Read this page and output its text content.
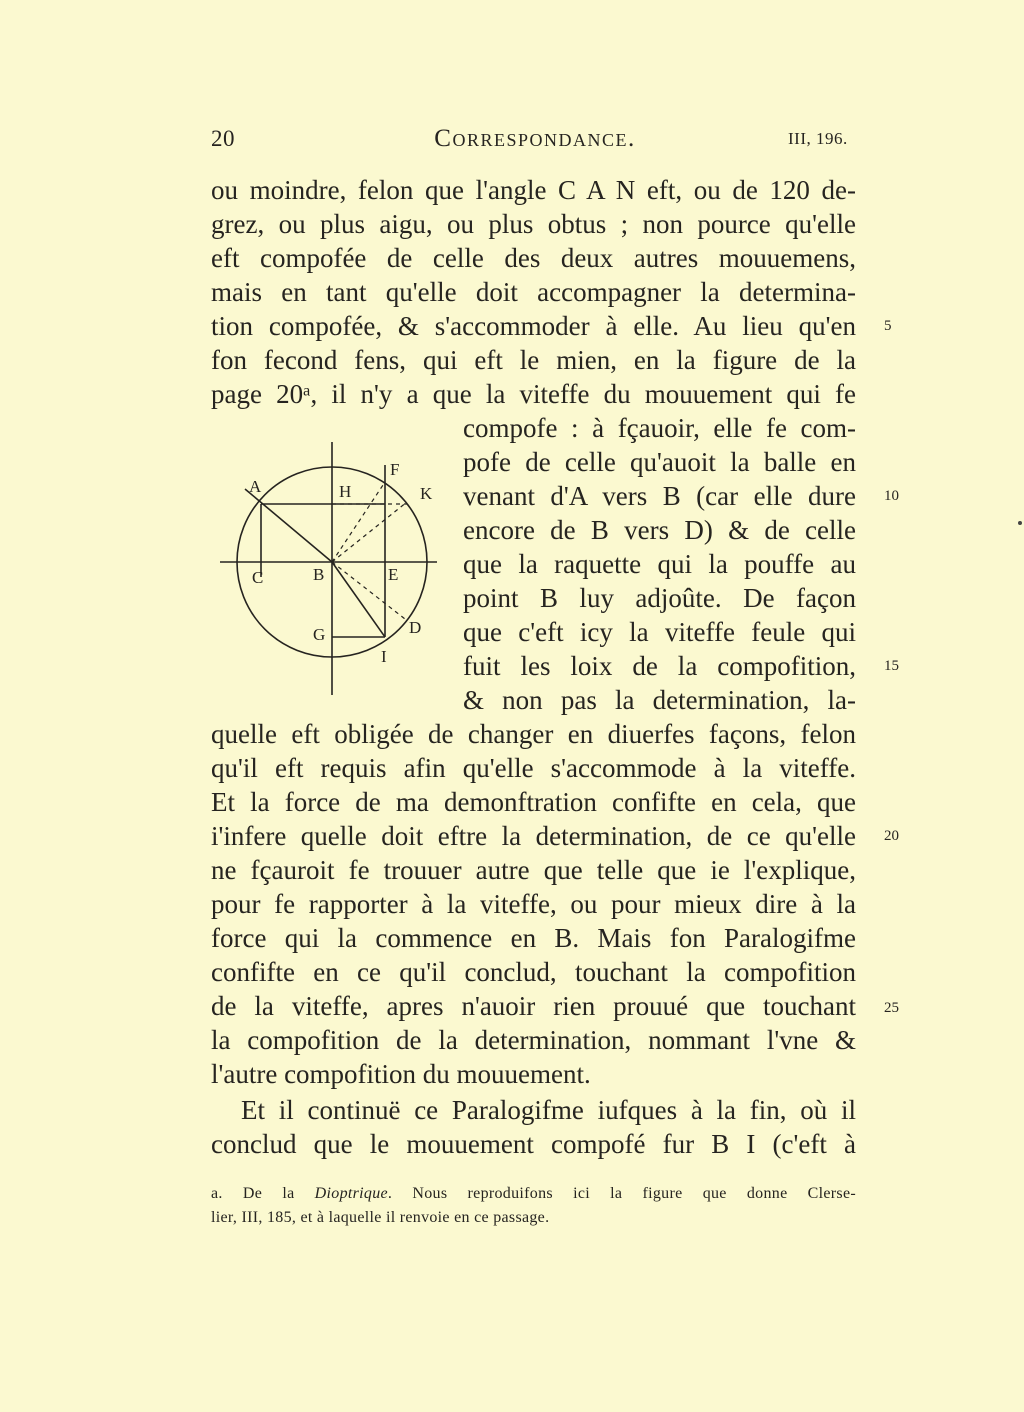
20	Correspondance.	III, 196.
ou moindre, felon que l'angle C A N eft, ou de 120 de-
grez, ou plus aigu, ou plus obtus ; non pource qu'elle
eft compofée de celle des deux autres mouuemens,
mais en tant qu'elle doit accompagner la determina-
tion compofée, & s'accommoder à elle. Au lieu qu'en
fon fecond fens, qui eft le mien, en la figure de la
page 20ᵃ, il n'y a que la viteffe du mouuement qui fe
compofe : à fçauoir, elle fe com-
pofe de celle qu'auoit la balle en
venant d'A vers B (car elle dure
encore de B vers D) & de celle
que la raquette qui la pouffe au
point B luy adjoûte. De façon
que c'eft icy la viteffe feule qui
fuit les loix de la compofition,
& non pas la determination, la-
quelle eft obligée de changer en diuerfes façons, felon
qu'il eft requis afin qu'elle s'accommode à la viteffe.
Et la force de ma demonftration confifte en cela, que
i'infere quelle doit eftre la determination, de ce qu'elle
ne fçauroit fe trouuer autre que telle que ie l'explique,
pour fe rapporter à la viteffe, ou pour mieux dire à la
force qui la commence en B. Mais fon Paralogifme
confifte en ce qu'il conclud, touchant la compofition
de la viteffe, apres n'auoir rien prouué que touchant
la compofition de la determination, nommant l'vne &
l'autre compofition du mouuement.
Et il continuë ce Paralogifme iufques à la fin, où il
conclud que le mouuement compofé fur B I (c'eft à
5
10
15
20
25
A	H
F
K
C	B	E
G	D
I
a. De la Dioptrique. Nous reproduifons ici la figure que donne Clerse-
lier, III, 185, et à laquelle il renvoie en ce passage.
